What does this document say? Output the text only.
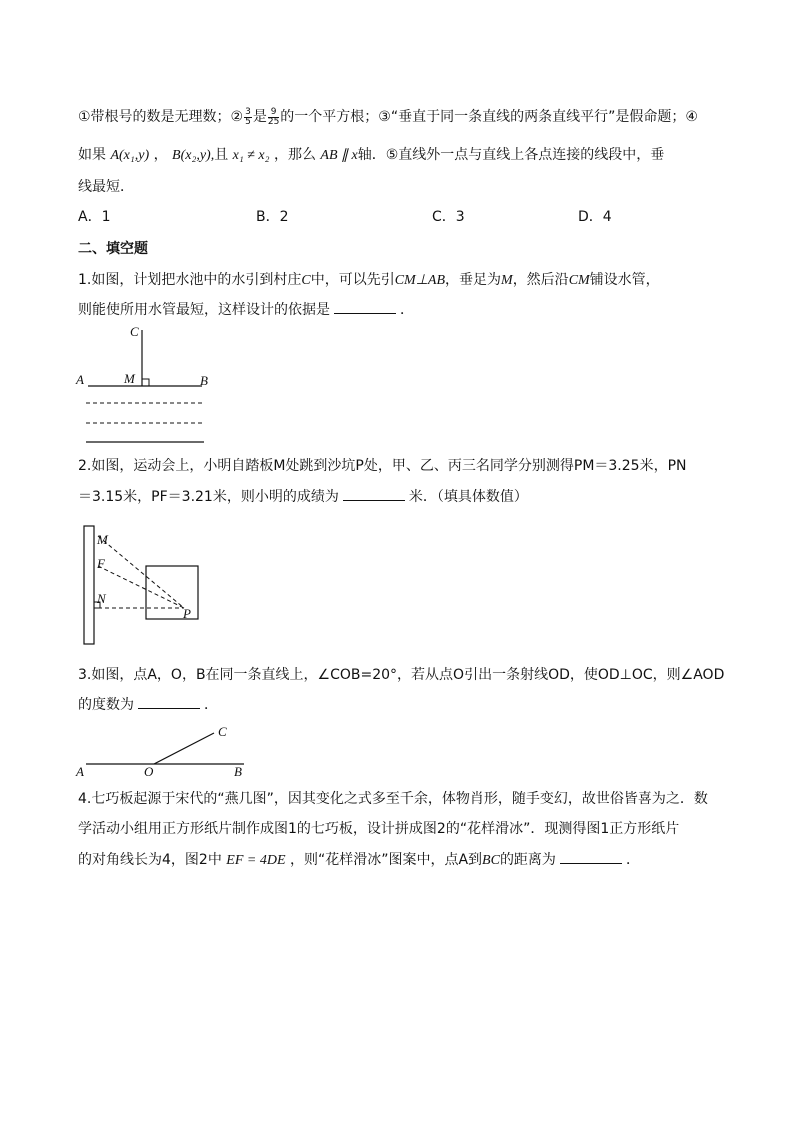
①带根号的数是无理数；② $\frac{3}{5}$ 是 $\frac{9}{25}$ 的一个平方根；③“垂直于同一条直线的两条直线平行”是假命题；④
如果 A(x₁,y) ， B(x₂,y),且 x₁ ≠ x₂ ，那么 AB ∥ x轴．⑤直线外一点与直线上各点连接的线段中，垂
线最短．
A．1	B．2	C．3	D．4
二、填空题
1.如图，计划把水池中的水引到村庄C中，可以先引CM⊥AB，垂足为M，然后沿CM铺设水管，
则能使所用水管最短，这样设计的依据是	．
C
A	M	B
2.如图，运动会上，小明自踏板M处跳到沙坑P处，甲、乙、丙三名同学分别测得PM＝3.25米，PN
＝3.15米，PF＝3.21米，则小明的成绩为	米．（填具体数值）
M
F
N
P
3.如图，点A，O，B在同一条直线上，∠COB=20°，若从点O引出一条射线OD，使OD⊥OC，则∠AOD
的度数为	．
C
A	O	B
4.七巧板起源于宋代的“燕几图”，因其变化之式多至千余，体物肖形，随手变幻，故世俗皆喜为之．数
学活动小组用正方形纸片制作成图1的七巧板，设计拼成图2的“花样滑冰”．现测得图1正方形纸片
的对角线长为4，图2中 EF = 4DE ，则“花样滑冰”图案中，点A到BC的距离为	．
